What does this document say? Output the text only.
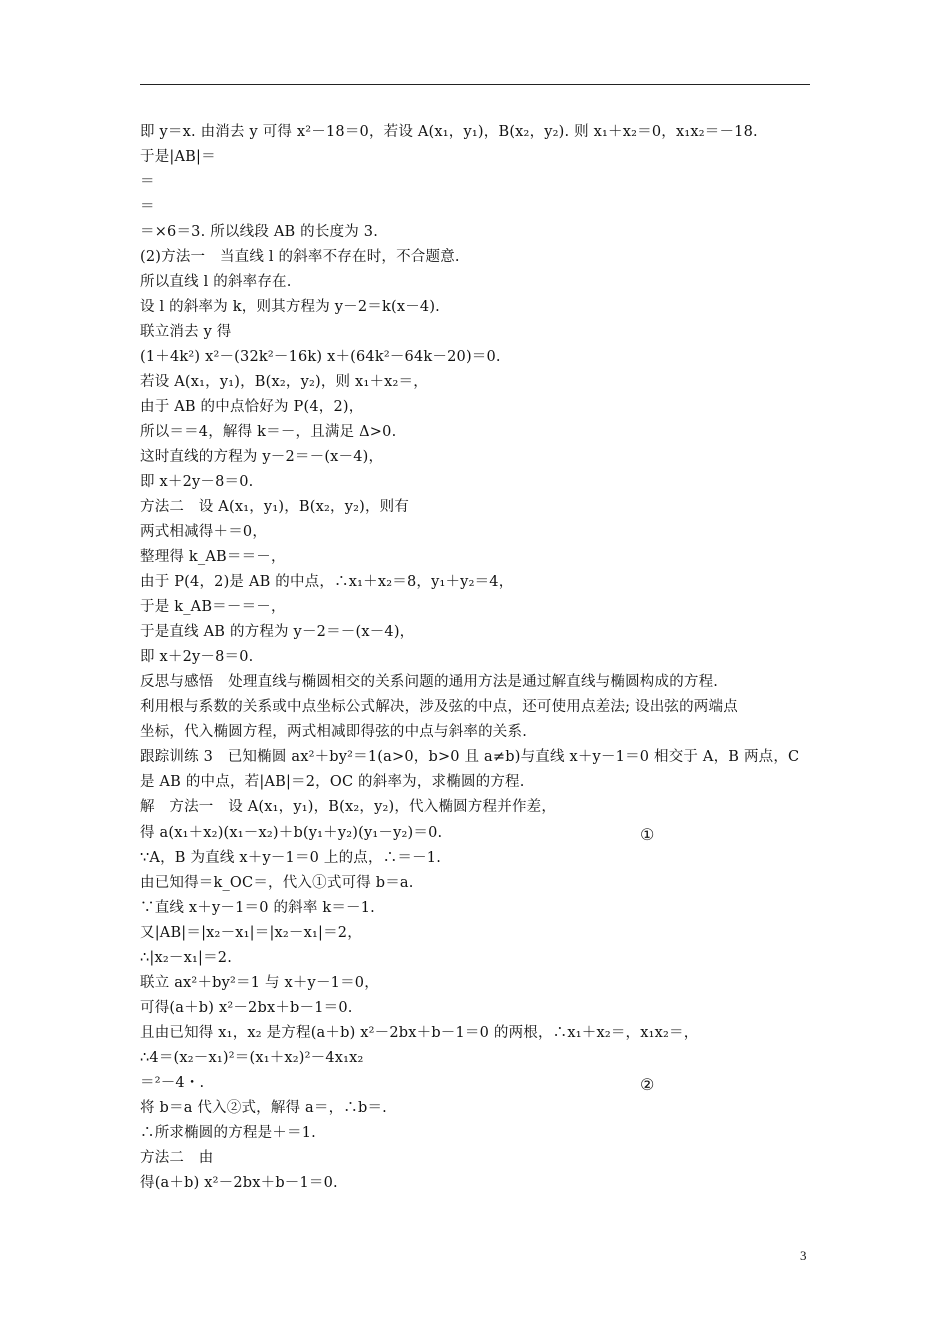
即 y＝x. 由消去 y 可得 x²－18＝0，若设 A(x₁，y₁)，B(x₂，y₂). 则 x₁＋x₂＝0，x₁x₂＝－18.
于是|AB|＝
＝
＝
＝×6＝3. 所以线段 AB 的长度为 3.
(2)方法一　当直线 l 的斜率不存在时，不合题意.
所以直线 l 的斜率存在.
设 l 的斜率为 k，则其方程为 y－2＝k(x－4).
联立消去 y 得
(1＋4k²) x²－(32k²－16k) x＋(64k²－64k－20)＝0.
若设 A(x₁，y₁)，B(x₂，y₂)，则 x₁＋x₂＝，
由于 AB 的中点恰好为 P(4，2)，
所以＝＝4，解得 k＝－，且满足 Δ>0.
这时直线的方程为 y－2＝－(x－4)，
即 x＋2y－8＝0.
方法二　设 A(x₁，y₁)，B(x₂，y₂)，则有
两式相减得＋＝0，
整理得 k_AB＝＝－，
由于 P(4，2)是 AB 的中点，∴x₁＋x₂＝8，y₁＋y₂＝4，
于是 k_AB＝－＝－，
于是直线 AB 的方程为 y－2＝－(x－4)，
即 x＋2y－8＝0.
反思与感悟　处理直线与椭圆相交的关系问题的通用方法是通过解直线与椭圆构成的方程.
利用根与系数的关系或中点坐标公式解决，涉及弦的中点，还可使用点差法; 设出弦的两端点
坐标，代入椭圆方程，两式相减即得弦的中点与斜率的关系.
跟踪训练 3　已知椭圆 ax²＋by²＝1(a>0，b>0 且 a≠b)与直线 x＋y－1＝0 相交于 A，B 两点，C
是 AB 的中点，若|AB|＝2，OC 的斜率为，求椭圆的方程.
解　方法一　设 A(x₁，y₁)，B(x₂，y₂)，代入椭圆方程并作差，
得 a(x₁＋x₂)(x₁－x₂)＋b(y₁＋y₂)(y₁－y₂)＝0.
∵A，B 为直线 x＋y－1＝0 上的点，∴＝－1.
由已知得＝k_OC＝，代入①式可得 b＝a.
∵直线 x＋y－1＝0 的斜率 k＝－1.
又|AB|＝|x₂－x₁|＝|x₂－x₁|＝2，
∴|x₂－x₁|＝2.
联立 ax²＋by²＝1 与 x＋y－1＝0，
可得(a＋b) x²－2bx＋b－1＝0.
且由已知得 x₁，x₂ 是方程(a＋b) x²－2bx＋b－1＝0 的两根，∴x₁＋x₂＝，x₁x₂＝，
∴4＝(x₂－x₁)²＝(x₁＋x₂)²－4x₁x₂
＝²－4・.
将 b＝a 代入②式，解得 a＝，∴b＝.
∴所求椭圆的方程是＋＝1.
方法二　由
得(a＋b) x²－2bx＋b－1＝0.
①
②
3
